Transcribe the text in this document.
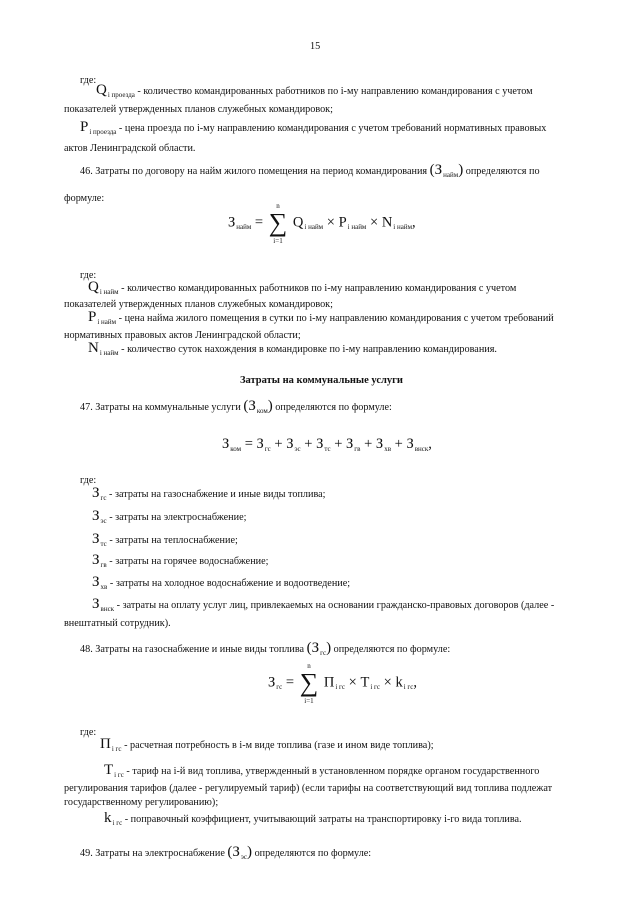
15
где:
$Q_{i проезда}$ - количество командированных работников по i-му направлению командирования с учетом
показателей утвержденных планов служебных командировок;
$P_{i проезда}$ - цена проезда по i-му направлению командирования с учетом требований нормативных правовых
актов Ленинградской области.
46. Затраты по договору на найм жилого помещения на период командирования $(З_{найм})$ определяются по
формуле:
$З_{найм}$ = ∑
n
i=1
$Q_{i найм} \times P_{i найм} \times N_{i найм}$,
где:
$Q_{i найм}$ - количество командированных работников по i-му направлению командирования с учетом
показателей утвержденных планов служебных командировок;
$P_{i найм}$ - цена найма жилого помещения в сутки по i-му направлению командирования с учетом требований
нормативных правовых актов Ленинградской области;
$N_{i найм}$ - количество суток нахождения в командировке по i-му направлению командирования.
Затраты на коммунальные услуги
47. Затраты на коммунальные услуги $(З_{ком})$ определяются по формуле:
$З_{ком} = З_{гс} + З_{эс} + З_{тс} + З_{гв} + З_{хв} + З_{внск}$,
где:
$З_{гс}$ - затраты на газоснабжение и иные виды топлива;
$З_{эс}$ - затраты на электроснабжение;
$З_{тс}$ - затраты на теплоснабжение;
$З_{гв}$ - затраты на горячее водоснабжение;
$З_{хв}$ - затраты на холодное водоснабжение и водоотведение;
$З_{внск}$ - затраты на оплату услуг лиц, привлекаемых на основании гражданско-правовых договоров (далее -
внештатный сотрудник).
48. Затраты на газоснабжение и иные виды топлива $(З_{гс})$ определяются по формуле:
$З_{гс}$ = ∑
n
i=1
$П_{i гс} \times T_{i гс} \times k_{i гс}$,
где:
$П_{i гс}$ - расчетная потребность в i-м виде топлива (газе и ином виде топлива);
$T_{i гс}$ - тариф на i-й вид топлива, утвержденный в установленном порядке органом государственного
регулирования тарифов (далее - регулируемый тариф) (если тарифы на соответствующий вид топлива подлежат
государственному регулированию);
$k_{i гс}$ - поправочный коэффициент, учитывающий затраты на транспортировку i-го вида топлива.
49. Затраты на электроснабжение $(З_{эс})$ определяются по формуле:
